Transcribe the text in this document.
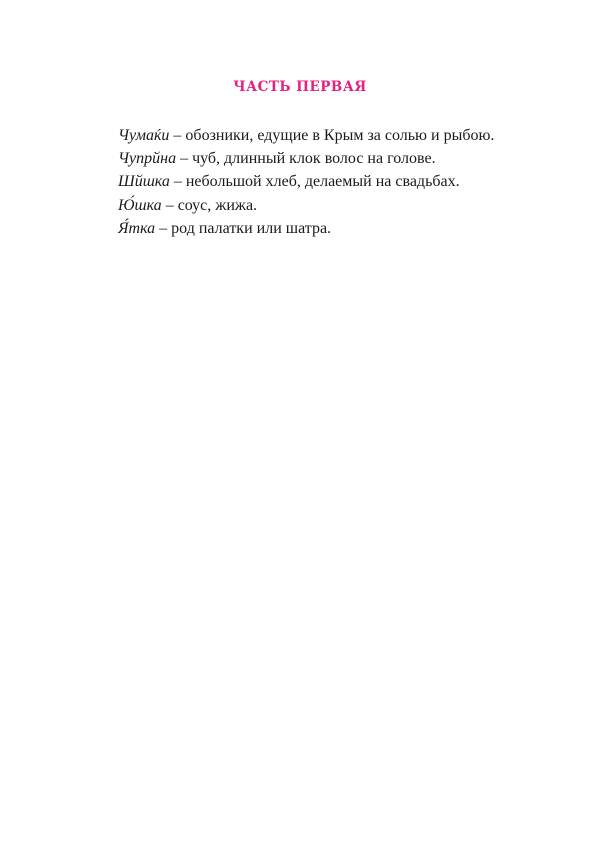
ЧАСТЬ ПЕРВАЯ
Чумаќи – обозники, едущие в Крым за солью и рыбою.
Чупрйна – чуб, длинный клок волос на голове.
Шйшка – небольшой хлеб, делаемый на свадьбах.
Ю́шка – соус, жижа.
Я́тка – род палатки или шатра.
